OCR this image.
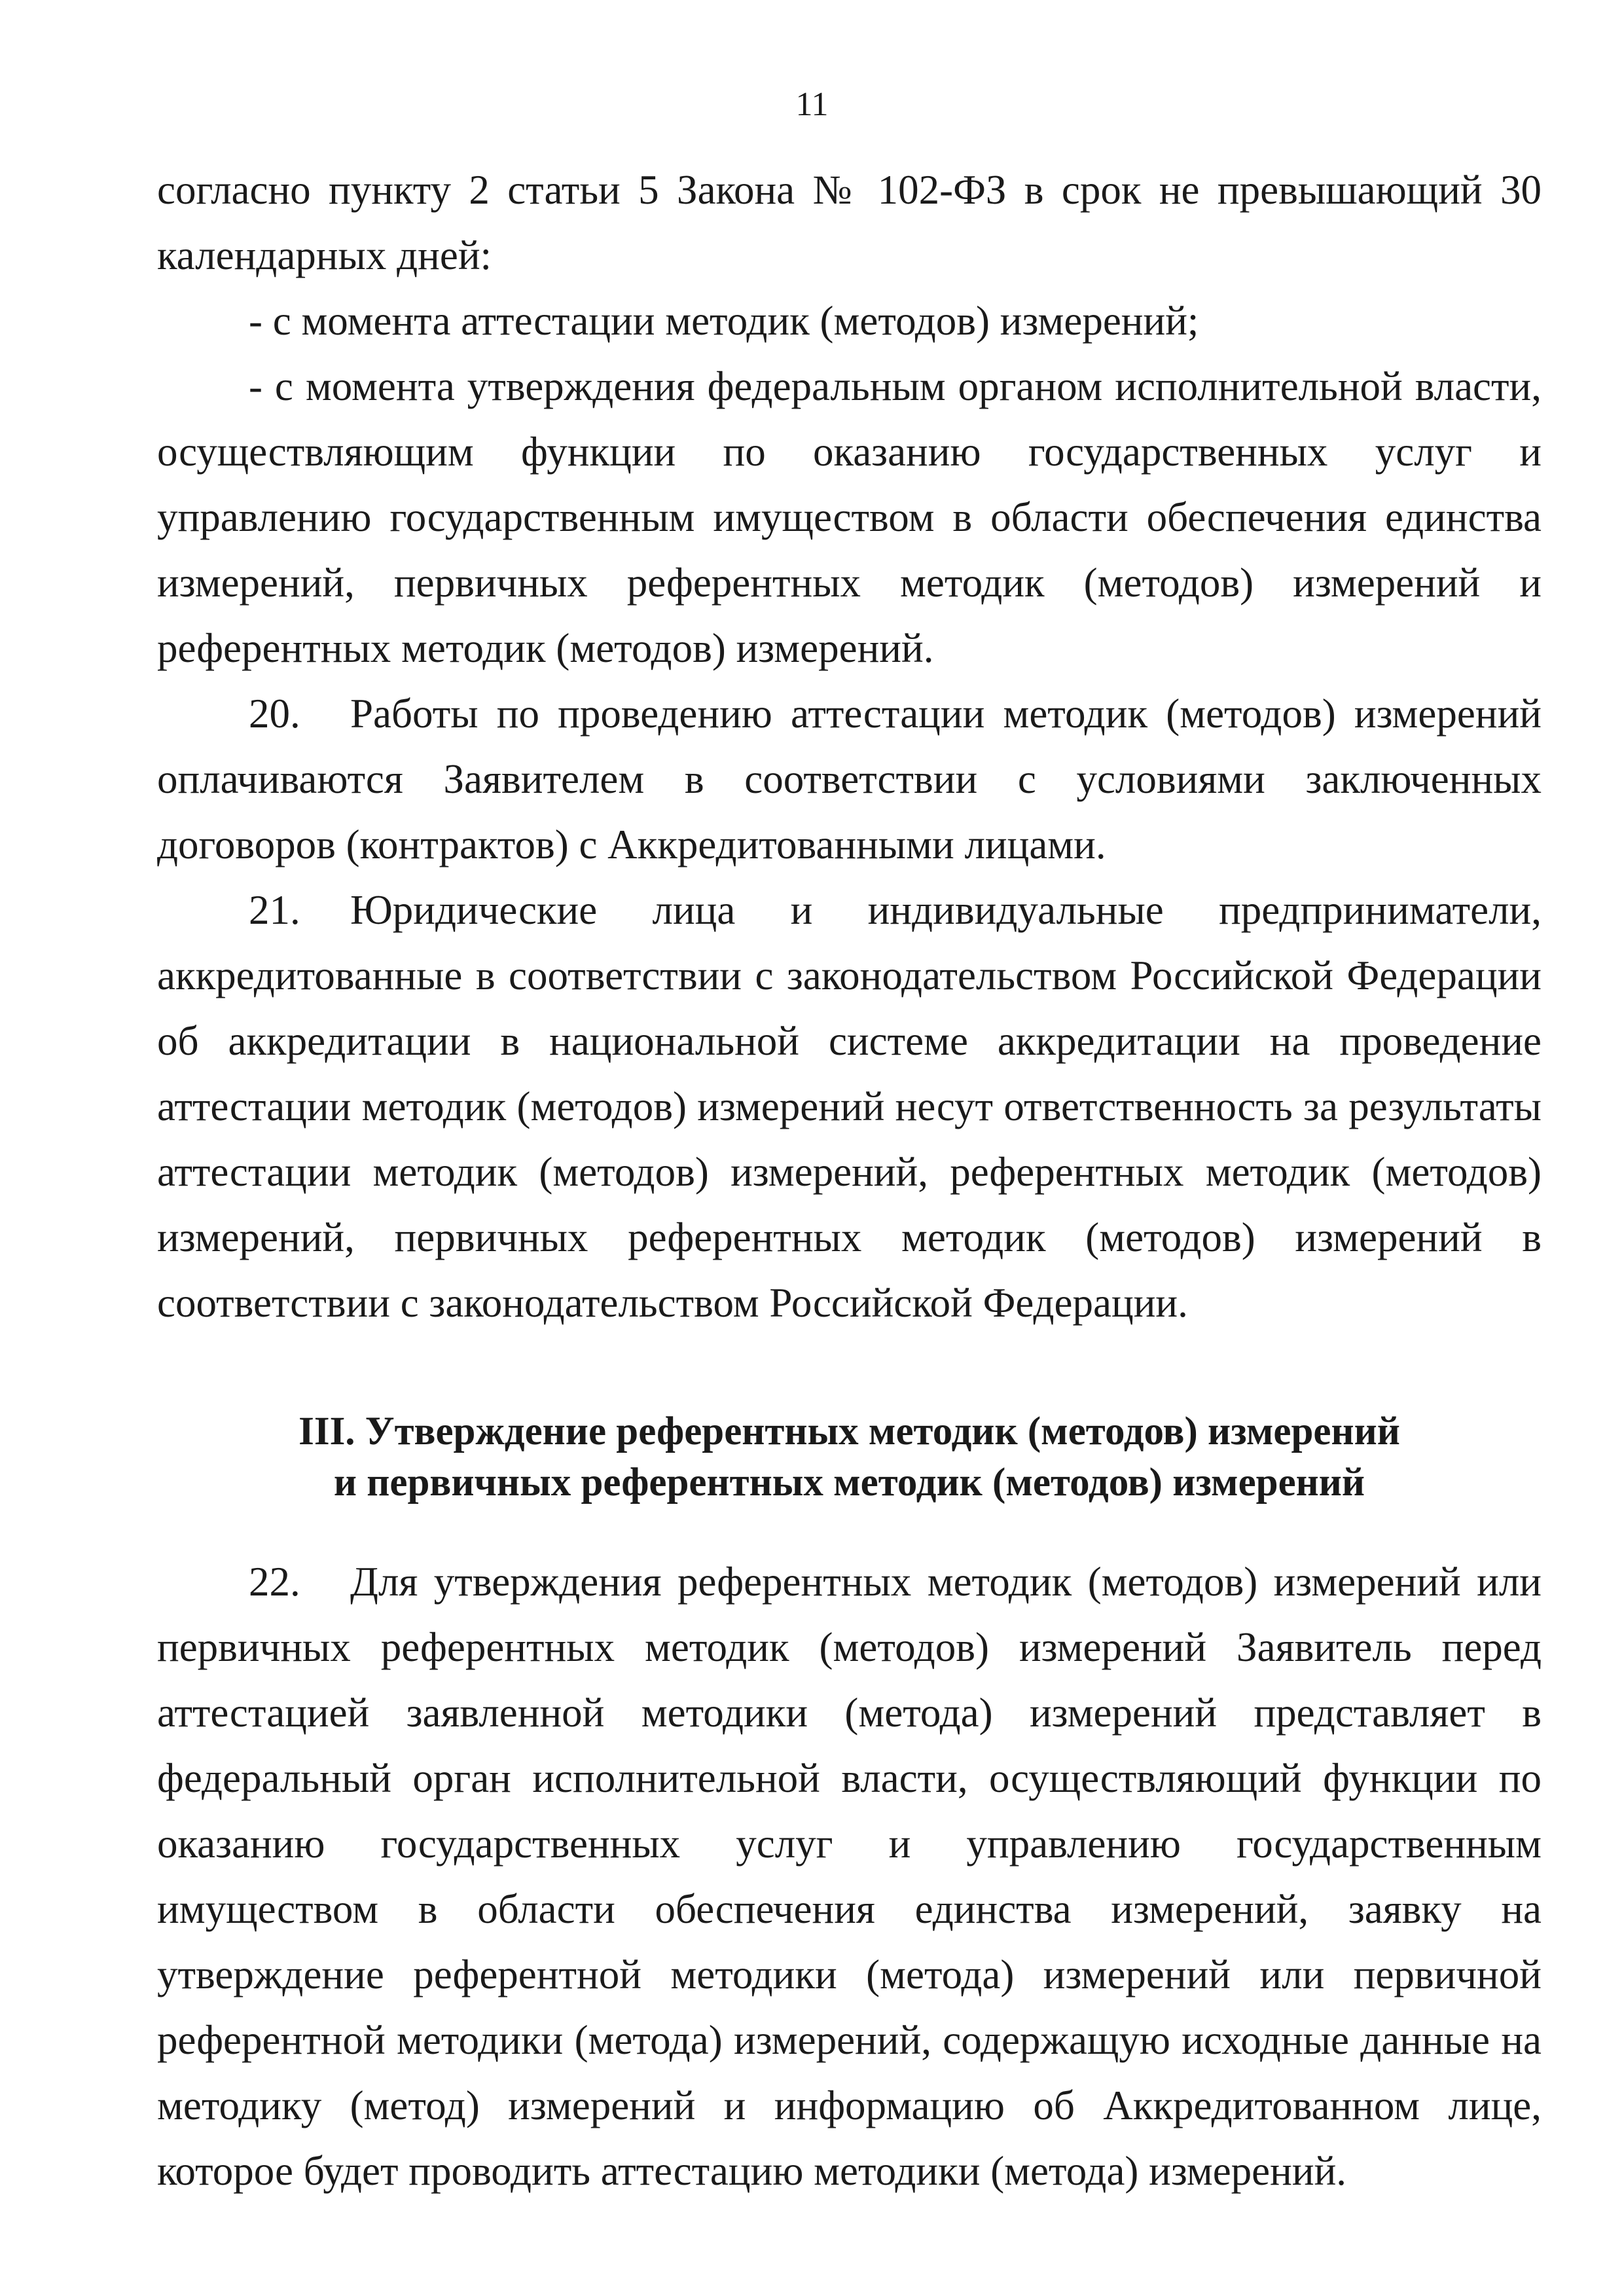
11

согласно пункту 2 статьи 5 Закона № 102-ФЗ в срок не превышающий 30 календарных дней:

- с момента аттестации методик (методов) измерений;

- с момента утверждения федеральным органом исполнительной власти, осуществляющим функции по оказанию государственных услуг и управлению государственным имуществом в области обеспечения единства измерений, первичных референтных методик (методов) измерений и референтных методик (методов) измерений.

20. Работы по проведению аттестации методик (методов) измерений оплачиваются Заявителем в соответствии с условиями заключенных договоров (контрактов) с Аккредитованными лицами.

21. Юридические лица и индивидуальные предприниматели, аккредитованные в соответствии с законодательством Российской Федерации об аккредитации в национальной системе аккредитации на проведение аттестации методик (методов) измерений несут ответственность за результаты аттестации методик (методов) измерений, референтных методик (методов) измерений, первичных референтных методик (методов) измерений в соответствии с законодательством Российской Федерации.

III. Утверждение референтных методик (методов) измерений
и первичных референтных методик (методов) измерений

22. Для утверждения референтных методик (методов) измерений или первичных референтных методик (методов) измерений Заявитель перед аттестацией заявленной методики (метода) измерений представляет в федеральный орган исполнительной власти, осуществляющий функции по оказанию государственных услуг и управлению государственным имуществом в области обеспечения единства измерений, заявку на утверждение референтной методики (метода) измерений или первичной референтной методики (метода) измерений, содержащую исходные данные на методику (метод) измерений и информацию об Аккредитованном лице, которое будет проводить аттестацию методики (метода) измерений.
